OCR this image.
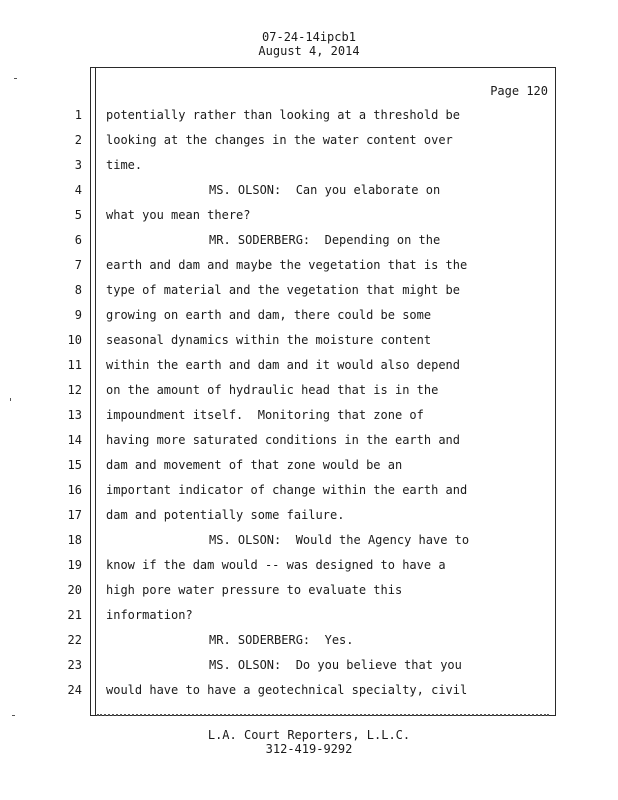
07-24-14ipcb1
August 4, 2014
Page 120
1 potentially rather than looking at a threshold be
2 looking at the changes in the water content over
3 time.
4	MS. OLSON:  Can you elaborate on
5 what you mean there?
6	MR. SODERBERG:  Depending on the
7 earth and dam and maybe the vegetation that is the
8 type of material and the vegetation that might be
9 growing on earth and dam, there could be some
10 seasonal dynamics within the moisture content
11 within the earth and dam and it would also depend
12 on the amount of hydraulic head that is in the
13 impoundment itself.  Monitoring that zone of
14 having more saturated conditions in the earth and
15 dam and movement of that zone would be an
16 important indicator of change within the earth and
17 dam and potentially some failure.
18	MS. OLSON:  Would the Agency have to
19 know if the dam would -- was designed to have a
20 high pore water pressure to evaluate this
21 information?
22	MR. SODERBERG:  Yes.
23	MS. OLSON:  Do you believe that you
24 would have to have a geotechnical specialty, civil
L.A. Court Reporters, L.L.C.
312-419-9292
